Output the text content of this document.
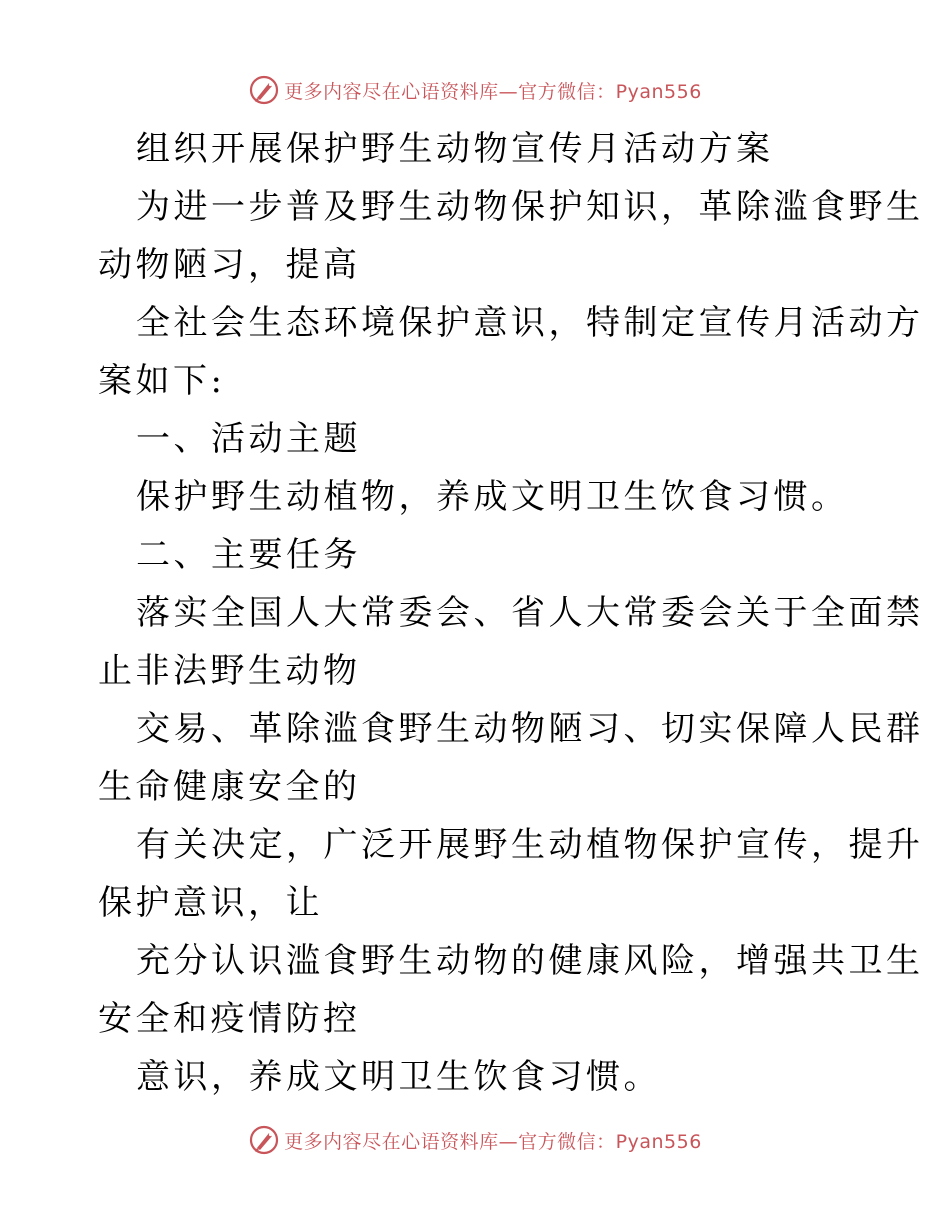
更多内容尽在心语资料库—官方微信：Pyan556
组织开展保护野生动物宣传月活动方案
为进一步普及野生动物保护知识，革除滥食野生
动物陋习，提高
全社会生态环境保护意识，特制定宣传月活动方
案如下:
一、活动主题
保护野生动植物，养成文明卫生饮食习惯。
二、主要任务
落实全国人大常委会、省人大常委会关于全面禁
止非法野生动物
交易、革除滥食野生动物陋习、切实保障人民群
生命健康安全的
有关决定，广泛开展野生动植物保护宣传，提升
保护意识，让
充分认识滥食野生动物的健康风险，增强共卫生
安全和疫情防控
意识，养成文明卫生饮食习惯。
更多内容尽在心语资料库—官方微信：Pyan556
